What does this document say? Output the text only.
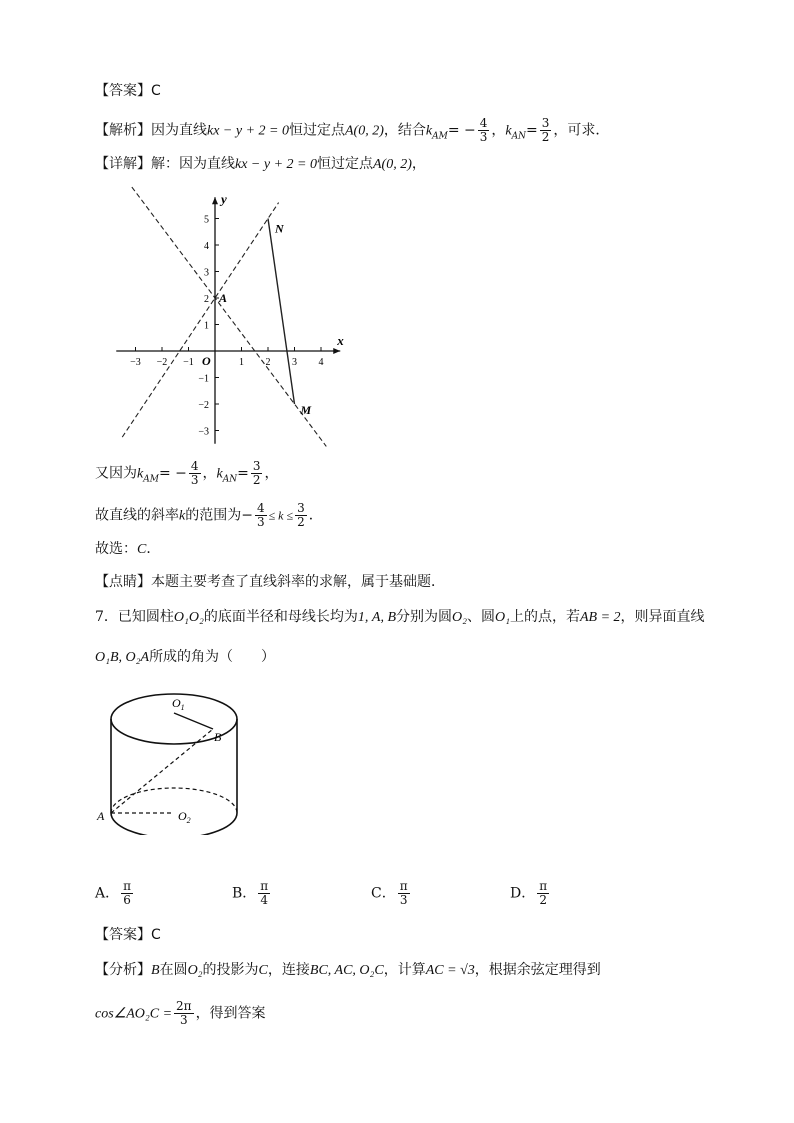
【答案】C
【解析】因为直线kx − y + 2 = 0恒过定点A(0, 2)，结合$k_{AM}= - \frac{4}{3}$ ，$k_{AN}= \frac{3}{2}$ ，可求．
【详解】解：因为直线kx − y + 2 = 0恒过定点A(0, 2)，
−3 −2 −1	1 2 3 4
5
4
3
2
1
−1
−2
−3
x
y
O
A
N
M
又因为$k_{AM}= - \frac{4}{3}$ ，$k_{AN}= \frac{3}{2}$ ，
故直线的斜率k的范围为− $\frac{4}{3} \le k \le \frac{3}{2}$ ．
故选：C．
【点睛】本题主要考查了直线斜率的求解，属于基础题．
7．已知圆柱O₁O₂的底面半径和母线长均为1, A, B分别为圆O₂、圆O₁上的点，若AB = 2，则异面直线
O₁B, O₂A所成的角为（　　）
$O_1$
B
A	$O_2$
A． $\frac{\pi}{6}$	B． $\frac{\pi}{4}$	C． $\frac{\pi}{3}$	D． $\frac{\pi}{2}$
【答案】C
【分析】B在圆O₂的投影为C，连接BC, AC, O₂C，计算AC = √3，根据余弦定理得到
cos∠AO₂C = $\frac{2\pi}{3}$ ，得到答案
